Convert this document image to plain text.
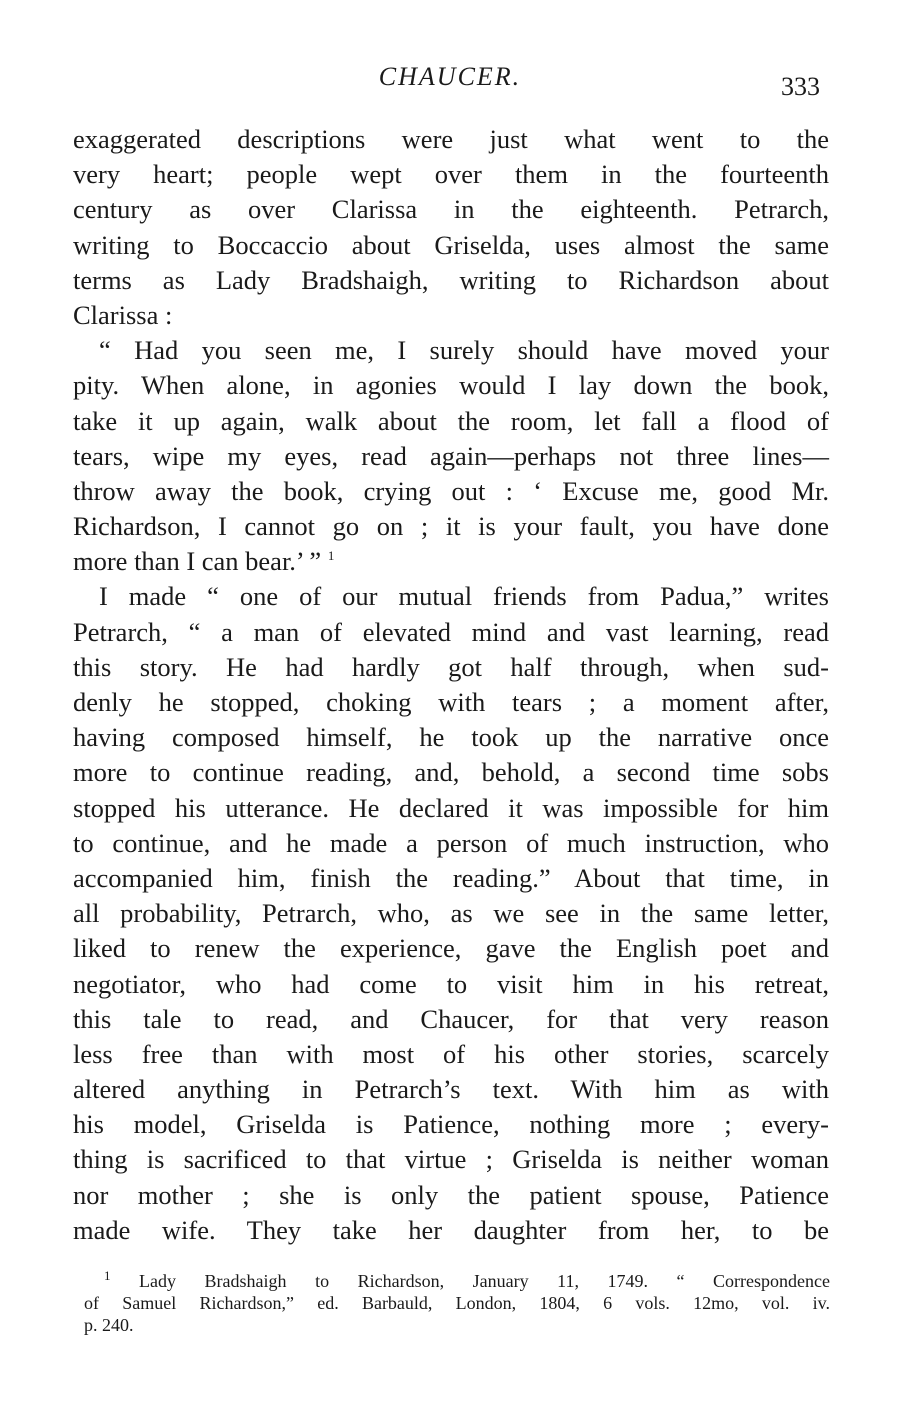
CHAUCER.	333
exaggerated descriptions were just what went to the
very heart; people wept over them in the fourteenth
century as over Clarissa in the eighteenth. Petrarch,
writing to Boccaccio about Griselda, uses almost the same
terms as Lady Bradshaigh, writing to Richardson about
Clarissa :
“ Had you seen me, I surely should have moved your
pity. When alone, in agonies would I lay down the book,
take it up again, walk about the room, let fall a flood of
tears, wipe my eyes, read again—perhaps not three lines—
throw away the book, crying out : ‘ Excuse me, good Mr.
Richardson, I cannot go on ; it is your fault, you have done
more than I can bear.’ ” $^1$
I made “ one of our mutual friends from Padua,” writes
Petrarch, “ a man of elevated mind and vast learning, read
this story. He had hardly got half through, when sud-
denly he stopped, choking with tears ; a moment after,
having composed himself, he took up the narrative once
more to continue reading, and, behold, a second time sobs
stopped his utterance. He declared it was impossible for him
to continue, and he made a person of much instruction, who
accompanied him, finish the reading.” About that time, in
all probability, Petrarch, who, as we see in the same letter,
liked to renew the experience, gave the English poet and
negotiator, who had come to visit him in his retreat,
this tale to read, and Chaucer, for that very reason
less free than with most of his other stories, scarcely
altered anything in Petrarch’s text. With him as with
his model, Griselda is Patience, nothing more ; every-
thing is sacrificed to that virtue ; Griselda is neither woman
nor mother ; she is only the patient spouse, Patience
made wife. They take her daughter from her, to be
$^1$ Lady Bradshaigh to Richardson, January 11, 1749. “ Correspondence
of Samuel Richardson,” ed. Barbauld, London, 1804, 6 vols. 12mo, vol. iv.
p. 240.
